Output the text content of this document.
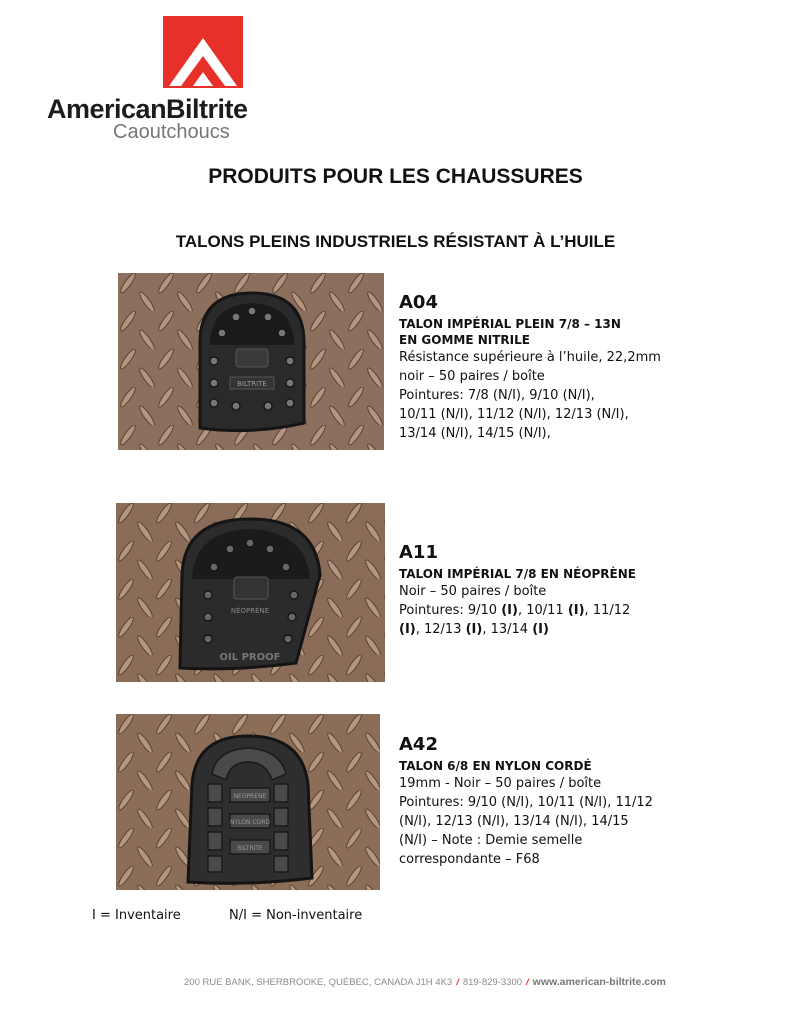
AmericanBiltrite
Caoutchoucs
PRODUITS POUR LES CHAUSSURES
TALONS PLEINS INDUSTRIELS RÉSISTANT À L’HUILE
BILTRITE
A04
TALON IMPÉRIAL PLEIN 7/8 – 13N
EN GOMME NITRILE
Résistance supérieure à l’huile, 22,2mm
noir – 50 paires / boîte
Pointures: 7/8 (N/I), 9/10 (N/I),
10/11 (N/I), 11/12 (N/I), 12/13 (N/I),
13/14 (N/I), 14/15 (N/I),
NÉOPRÈNE
OIL PROOF
A11
TALON IMPÉRIAL 7/8 EN NÉOPRÈNE
Noir – 50 paires / boîte
Pointures: 9/10 (I), 10/11 (I), 11/12
(I), 12/13 (I), 13/14 (I)
NEOPRENE
NYLON CORD
BILTRITE
A42
TALON 6/8 EN NYLON CORDÉ
19mm - Noir – 50 paires / boîte
Pointures: 9/10 (N/I), 10/11 (N/I), 11/12
(N/I), 12/13 (N/I), 13/14 (N/I), 14/15
(N/I) – Note : Demie semelle
correspondante – F68
I = Inventaire	N/I = Non-inventaire
200 RUE BANK, SHERBROOKE, QUÉBEC, CANADA J1H 4K3 / 819-829-3300 / www.american-biltrite.com
